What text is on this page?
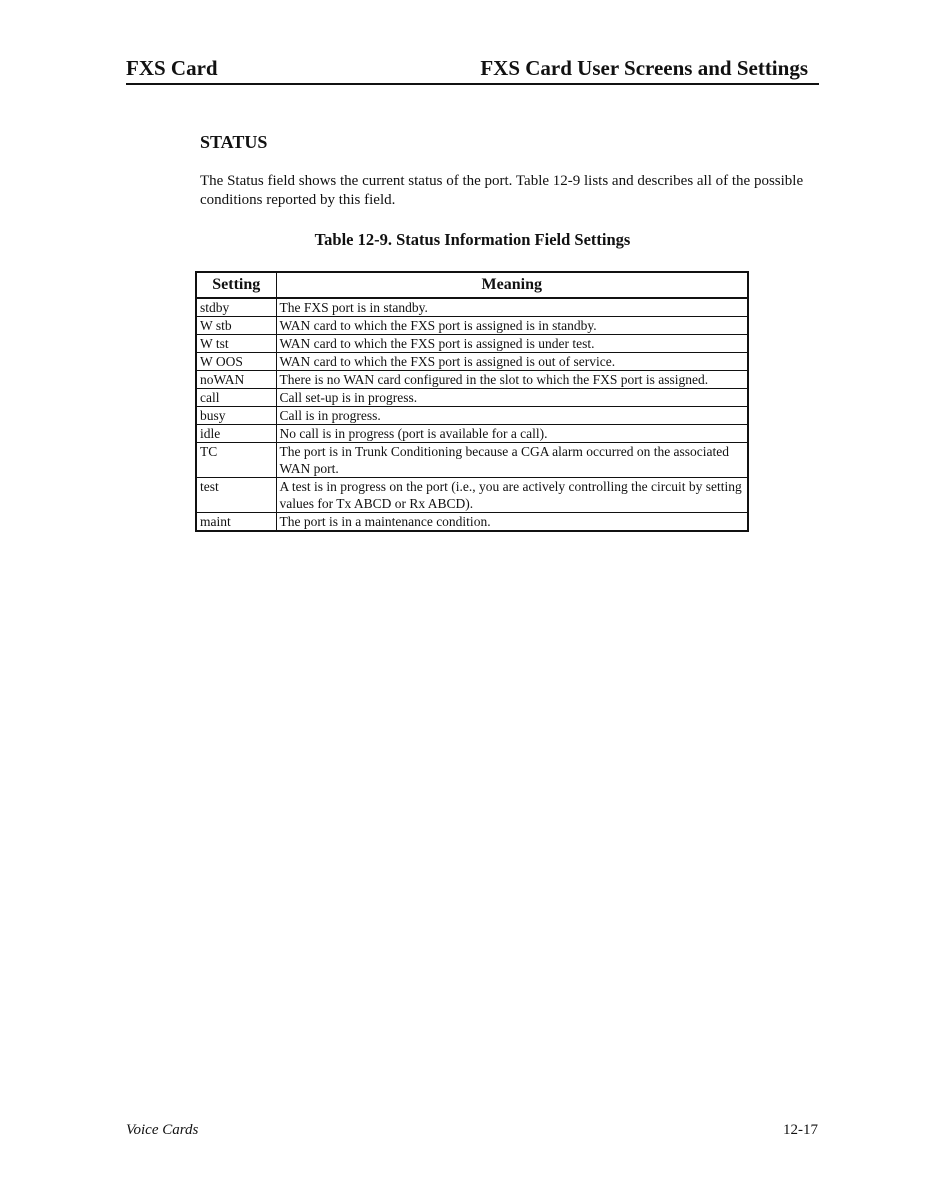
FXS Card	FXS Card User Screens and Settings
STATUS

The Status field shows the current status of the port. Table 12-9 lists and describes all of the possible conditions reported by this field.

Table 12-9. Status Information Field Settings
Setting	Meaning
stdby	The FXS port is in standby.
W stb	WAN card to which the FXS port is assigned is in standby.
W tst	WAN card to which the FXS port is assigned is under test.
W OOS	WAN card to which the FXS port is assigned is out of service.
noWAN	There is no WAN card configured in the slot to which the FXS port is assigned.
call	Call set-up is in progress.
busy	Call is in progress.
idle	No call is in progress (port is available for a call).
TC	The port is in Trunk Conditioning because a CGA alarm occurred on the associated WAN port.
test	A test is in progress on the port (i.e., you are actively controlling the circuit by setting values for Tx ABCD or Rx ABCD).
maint	The port is in a maintenance condition.
Voice Cards	12-17
